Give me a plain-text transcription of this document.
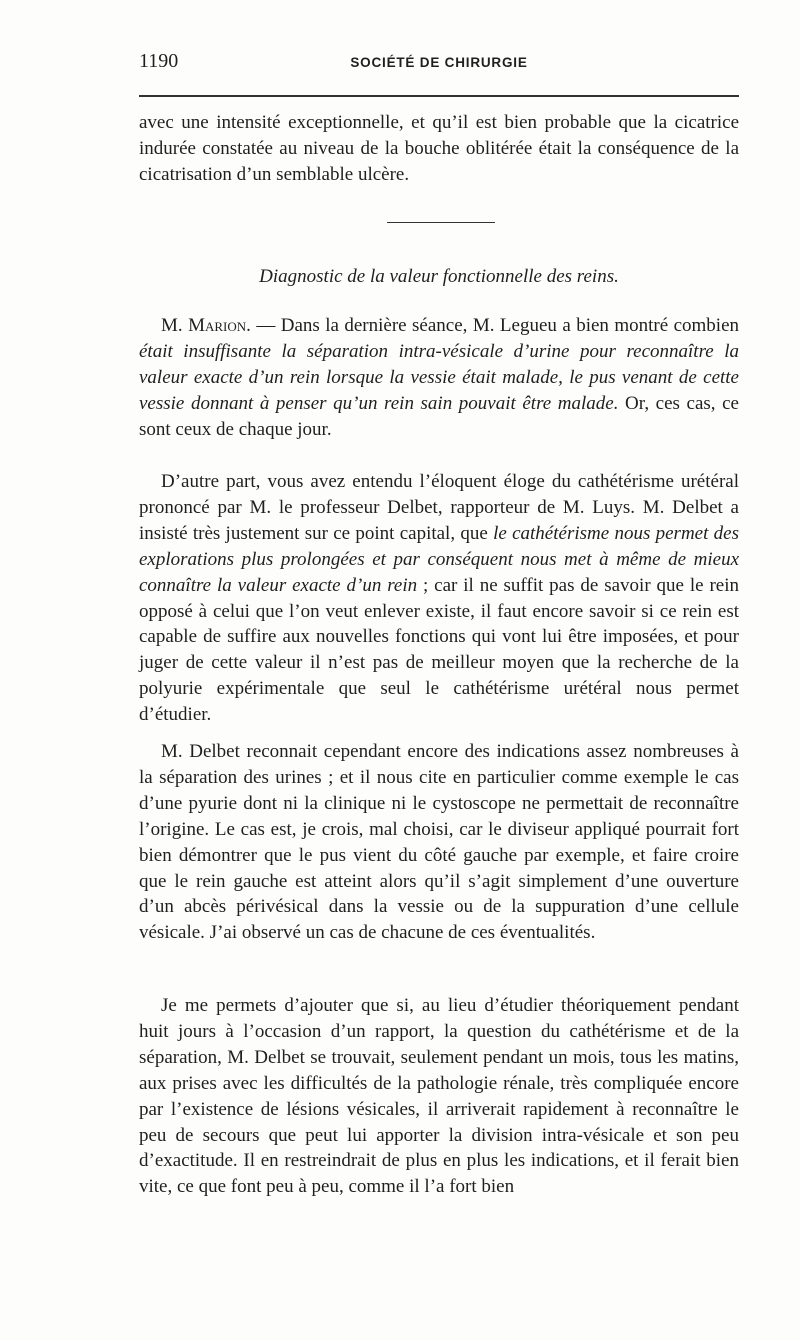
1190	SOCIÉTÉ DE CHIRURGIE

avec une intensité exceptionnelle, et qu’il est bien probable que la cicatrice indurée constatée au niveau de la bouche oblitérée était la conséquence de la cicatrisation d’un semblable ulcère.

Diagnostic de la valeur fonctionnelle des reins.

M. Marion. — Dans la dernière séance, M. Legueu a bien montré combien était insuffisante la séparation intra-vésicale d’urine pour reconnaître la valeur exacte d’un rein lorsque la vessie était malade, le pus venant de cette vessie donnant à penser qu’un rein sain pouvait être malade. Or, ces cas, ce sont ceux de chaque jour.

D’autre part, vous avez entendu l’éloquent éloge du cathétérisme urétéral prononcé par M. le professeur Delbet, rapporteur de M. Luys. M. Delbet a insisté très justement sur ce point capital, que le cathétérisme nous permet des explorations plus prolongées et par conséquent nous met à même de mieux connaître la valeur exacte d’un rein ; car il ne suffit pas de savoir que le rein opposé à celui que l’on veut enlever existe, il faut encore savoir si ce rein est capable de suffire aux nouvelles fonctions qui vont lui être imposées, et pour juger de cette valeur il n’est pas de meilleur moyen que la recherche de la polyurie expérimentale que seul le cathétérisme urétéral nous permet d’étudier.

M. Delbet reconnait cependant encore des indications assez nombreuses à la séparation des urines ; et il nous cite en particulier comme exemple le cas d’une pyurie dont ni la clinique ni le cystoscope ne permettait de reconnaître l’origine. Le cas est, je crois, mal choisi, car le diviseur appliqué pourrait fort bien démontrer que le pus vient du côté gauche par exemple, et faire croire que le rein gauche est atteint alors qu’il s’agit simplement d’une ouverture d’un abcès périvésical dans la vessie ou de la suppuration d’une cellule vésicale. J’ai observé un cas de chacune de ces éventualités.

Je me permets d’ajouter que si, au lieu d’étudier théoriquement pendant huit jours à l’occasion d’un rapport, la question du cathétérisme et de la séparation, M. Delbet se trouvait, seulement pendant un mois, tous les matins, aux prises avec les difficultés de la pathologie rénale, très compliquée encore par l’existence de lésions vésicales, il arriverait rapidement à reconnaître le peu de secours que peut lui apporter la division intra-vésicale et son peu d’exactitude. Il en restreindrait de plus en plus les indications, et il ferait bien vite, ce que font peu à peu, comme il l’a fort bien
